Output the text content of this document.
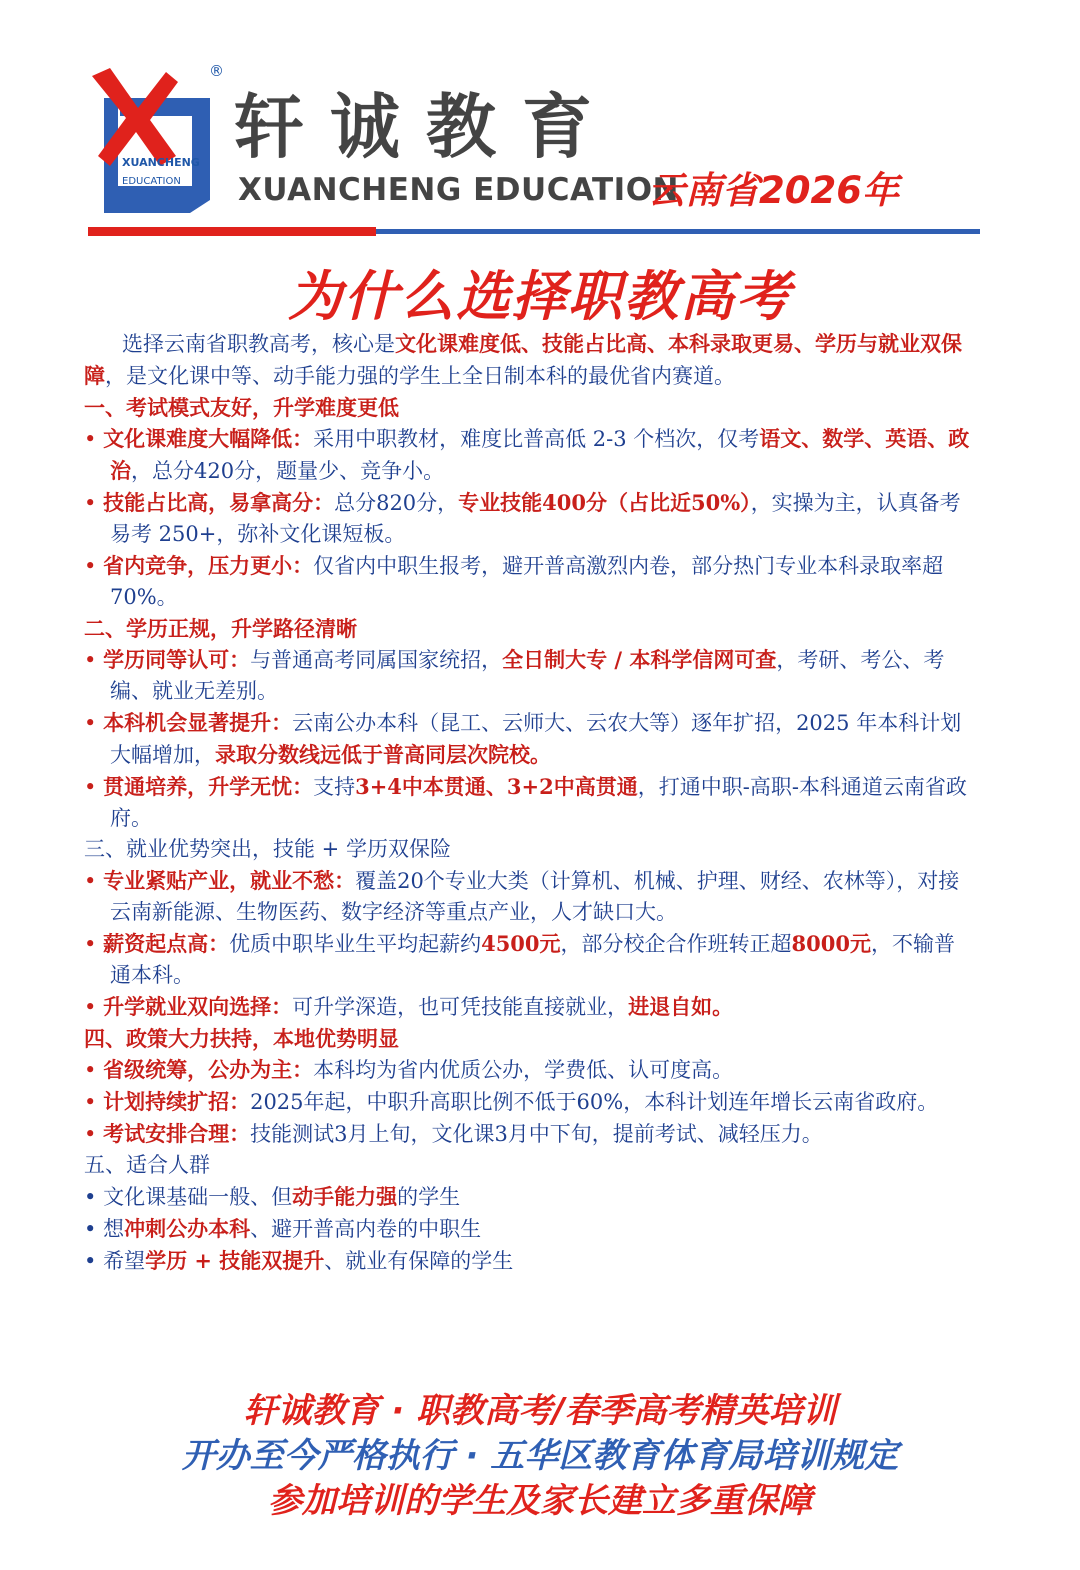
XUANCHENG
EDUCATION
®
轩诚教育
XUANCHENG EDUCATION
云南省2026年
为什么选择职教高考

选择云南省职教高考，核心是文化课难度低、技能占比高、本科录取更易、学历与就业双保障，是文化课中等、动手能力强的学生上全日制本科的最优省内赛道。

一、考试模式友好，升学难度更低

• 文化课难度大幅降低：采用中职教材，难度比普高低 2-3 个档次，仅考语文、数学、英语、政治，总分420分，题量少、竞争小。

• 技能占比高，易拿高分：总分820分，专业技能400分（占比近50%），实操为主，认真备考易考 250+，弥补文化课短板。

• 省内竞争，压力更小：仅省内中职生报考，避开普高激烈内卷，部分热门专业本科录取率超70%。

二、学历正规，升学路径清晰

• 学历同等认可：与普通高考同属国家统招，全日制大专 / 本科学信网可查，考研、考公、考编、就业无差别。

• 本科机会显著提升：云南公办本科（昆工、云师大、云农大等）逐年扩招，2025 年本科计划大幅增加，录取分数线远低于普高同层次院校。

• 贯通培养，升学无忧：支持3+4中本贯通、3+2中高贯通，打通中职-高职-本科通道云南省政府。

三、就业优势突出，技能 + 学历双保险

• 专业紧贴产业，就业不愁：覆盖20个专业大类（计算机、机械、护理、财经、农林等），对接云南新能源、生物医药、数字经济等重点产业，人才缺口大。

• 薪资起点高：优质中职毕业生平均起薪约4500元，部分校企合作班转正超8000元，不输普通本科。

• 升学就业双向选择：可升学深造，也可凭技能直接就业，进退自如。

四、政策大力扶持，本地优势明显

• 省级统筹，公办为主：本科均为省内优质公办，学费低、认可度高。

• 计划持续扩招：2025年起，中职升高职比例不低于60%，本科计划连年增长云南省政府。

• 考试安排合理：技能测试3月上旬，文化课3月中下旬，提前考试、减轻压力。

五、适合人群

• 文化课基础一般、但动手能力强的学生

• 想冲刺公办本科、避开普高内卷的中职生

• 希望学历 + 技能双提升、就业有保障的学生

轩诚教育 · 职教高考/春季高考精英培训
开办至今严格执行 · 五华区教育体育局培训规定
参加培训的学生及家长建立多重保障
